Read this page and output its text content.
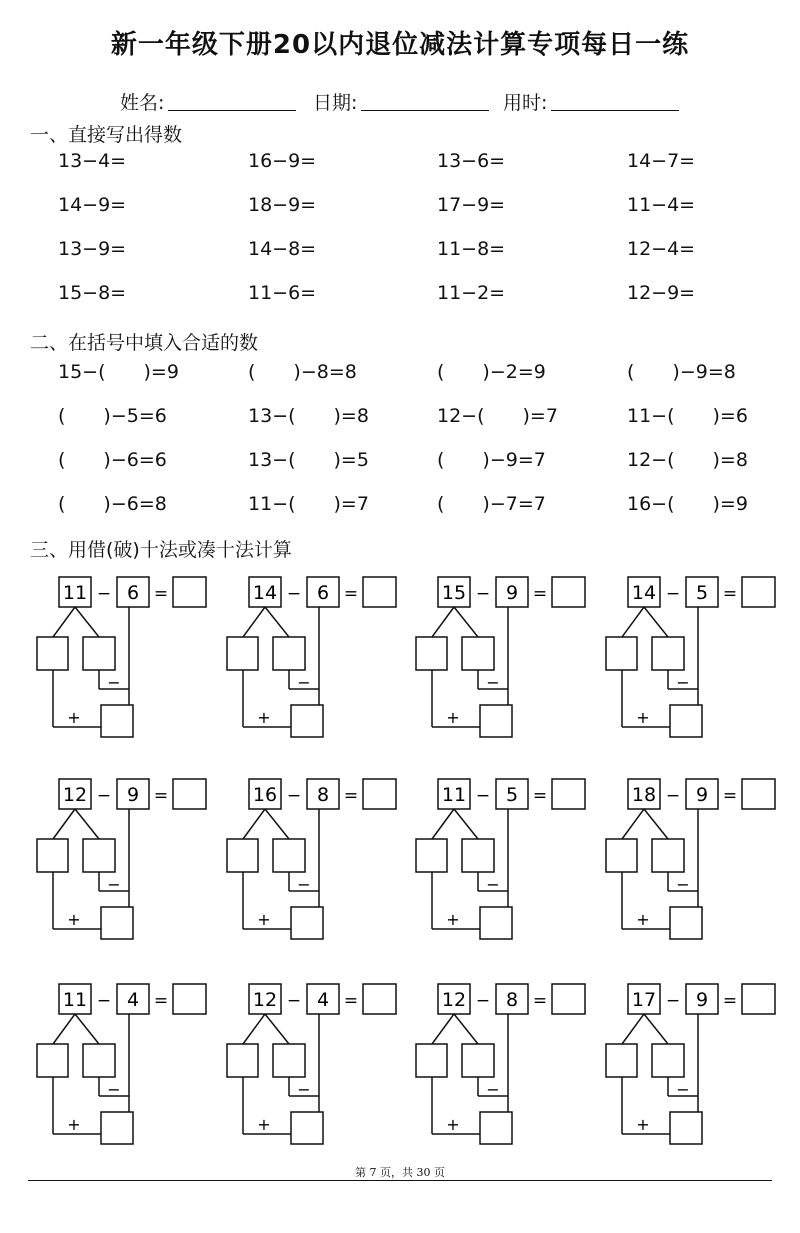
新一年级下册20以内退位减法计算专项每日一练
姓名:	日期:	用时:
一、直接写出得数
13−4=	16−9=	13−6=	14−7=
14−9=	18−9=	17−9=	11−4=
13−9=	14−8=	11−8=	12−4=
15−8=	11−6=	11−2=	12−9=
二、在括号中填入合适的数
15−(　　)=9	(　　)−8=8	(　　)−2=9	(　　)−9=8
(　　)−5=6	13−(　　)=8	12−(　　)=7	11−(　　)=6
(　　)−6=6	13−(　　)=5	(　　)−9=7	12−(　　)=8
(　　)−6=8	11−(　　)=7	(　　)−7=7	16−(　　)=9
三、用借(破)十法或凑十法计算
11 6
−	=
−
+
14 6
−	=
−
+
15 9
−	=
−
+
14 5
−	=
−
+
12 9
−	=
−
+
16 8
−	=
−
+
11 5
−	=
−
+
18 9
−	=
−
+
11 4
−	=
−
+
12 4
−	=
−
+
12 8
−	=
−
+
17 9
−	=
−
+
第 7 页，共 30 页
